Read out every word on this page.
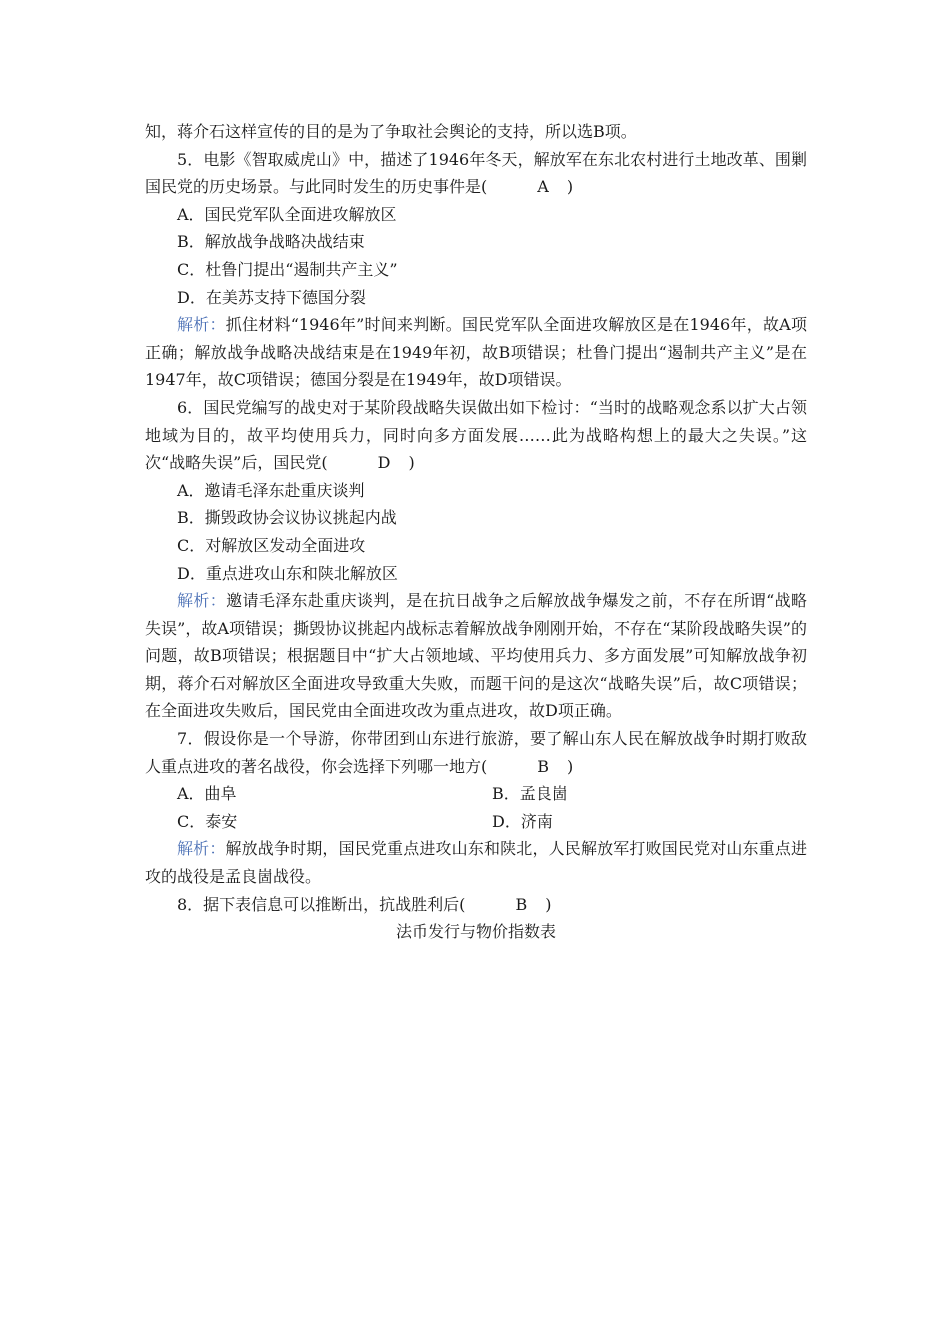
知，蒋介石这样宣传的目的是为了争取社会舆论的支持，所以选B项。

5．电影《智取威虎山》中，描述了1946年冬天，解放军在东北农村进行土地改革、围剿国民党的历史场景。与此同时发生的历史事件是(　A　)

A．国民党军队全面进攻解放区

B．解放战争战略决战结束

C．杜鲁门提出“遏制共产主义”

D．在美苏支持下德国分裂

解析：抓住材料“1946年”时间来判断。国民党军队全面进攻解放区是在1946年，故A项正确；解放战争战略决战结束是在1949年初，故B项错误；杜鲁门提出“遏制共产主义”是在1947年，故C项错误；德国分裂是在1949年，故D项错误。

6．国民党编写的战史对于某阶段战略失误做出如下检讨：“当时的战略观念系以扩大占领地域为目的，故平均使用兵力，同时向多方面发展……此为战略构想上的最大之失误。”这次“战略失误”后，国民党(　D　)

A．邀请毛泽东赴重庆谈判

B．撕毁政协会议协议挑起内战

C．对解放区发动全面进攻

D．重点进攻山东和陕北解放区

解析：邀请毛泽东赴重庆谈判，是在抗日战争之后解放战争爆发之前，不存在所谓“战略失误”，故A项错误；撕毁协议挑起内战标志着解放战争刚刚开始，不存在“某阶段战略失误”的问题，故B项错误；根据题目中“扩大占领地域、平均使用兵力、多方面发展”可知解放战争初期，蒋介石对解放区全面进攻导致重大失败，而题干问的是这次“战略失误”后，故C项错误；在全面进攻失败后，国民党由全面进攻改为重点进攻，故D项正确。

7．假设你是一个导游，你带团到山东进行旅游，要了解山东人民在解放战争时期打败敌人重点进攻的著名战役，你会选择下列哪一地方(　B　)

A．曲阜	B．孟良崮
C．泰安	D．济南

解析：解放战争时期，国民党重点进攻山东和陕北，人民解放军打败国民党对山东重点进攻的战役是孟良崮战役。

8．据下表信息可以推断出，抗战胜利后(　B　)

法币发行与物价指数表
